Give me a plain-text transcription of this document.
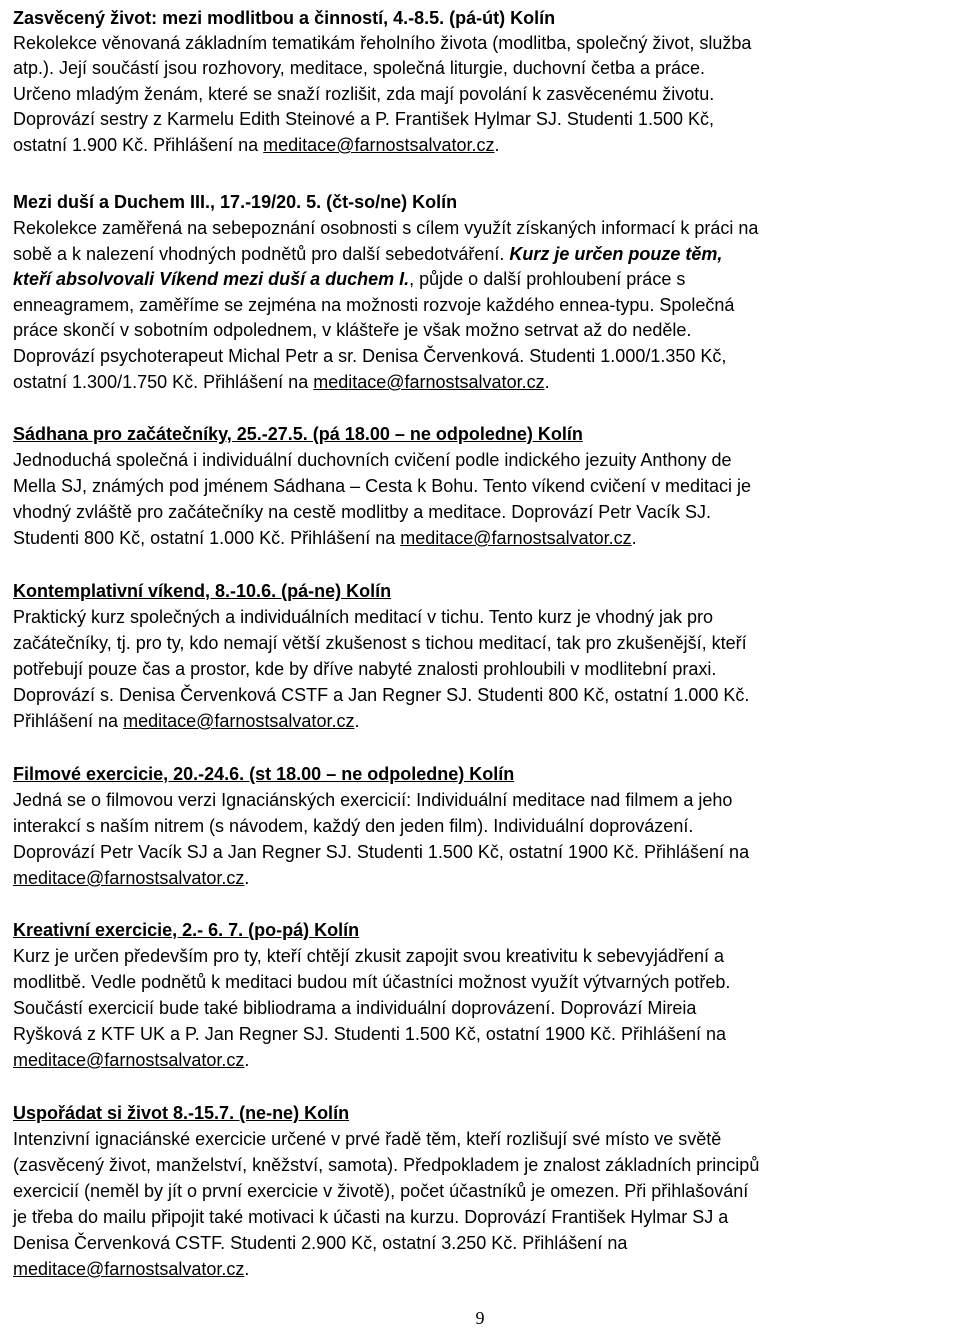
Zasvěcený život: mezi modlitbou a činností, 4.-8.5. (pá-út) Kolín
Rekolekce věnovaná základním tematikám řeholního života (modlitba, společný život, služba
atp.). Její součástí jsou rozhovory, meditace, společná liturgie, duchovní četba a práce.
Určeno mladým ženám, které se snaží rozlišit, zda mají povolání k zasvěcenému životu.
Doprovází sestry z Karmelu Edith Steinové a P. František Hylmar SJ. Studenti 1.500 Kč,
ostatní 1.900 Kč. Přihlášení na meditace@farnostsalvator.cz.
Mezi duší a Duchem III., 17.-19/20. 5. (čt-so/ne) Kolín
Rekolekce zaměřená na sebepoznání osobnosti s cílem využít získaných informací k práci na
sobě a k nalezení vhodných podnětů pro další sebedotváření. Kurz je určen pouze těm,
kteří absolvovali Víkend mezi duší a duchem I., půjde o další prohloubení práce s
enneagramem, zaměříme se zejména na možnosti rozvoje každého ennea-typu. Společná
práce skončí v sobotním odpolednem, v klášteře je však možno setrvat až do neděle.
Doprovází psychoterapeut Michal Petr a sr. Denisa Červenková. Studenti 1.000/1.350 Kč,
ostatní 1.300/1.750 Kč. Přihlášení na meditace@farnostsalvator.cz.
Sádhana pro začátečníky, 25.-27.5. (pá 18.00 – ne odpoledne) Kolín
Jednoduchá společná i individuální duchovních cvičení podle indického jezuity Anthony de
Mella SJ, známých pod jménem Sádhana – Cesta k Bohu. Tento víkend cvičení v meditaci je
vhodný zvláště pro začátečníky na cestě modlitby a meditace. Doprovází Petr Vacík SJ.
Studenti 800 Kč, ostatní 1.000 Kč. Přihlášení na meditace@farnostsalvator.cz.
Kontemplativní víkend, 8.-10.6. (pá-ne) Kolín
Praktický kurz společných a individuálních meditací v tichu. Tento kurz je vhodný jak pro
začátečníky, tj. pro ty, kdo nemají větší zkušenost s tichou meditací, tak pro zkušenější, kteří
potřebují pouze čas a prostor, kde by dříve nabyté znalosti prohloubili v modlitební praxi.
Doprovází s. Denisa Červenková CSTF a Jan Regner SJ. Studenti 800 Kč, ostatní 1.000 Kč.
Přihlášení na meditace@farnostsalvator.cz.
Filmové exercicie, 20.-24.6. (st 18.00 – ne odpoledne) Kolín
Jedná se o filmovou verzi Ignaciánských exercicií: Individuální meditace nad filmem a jeho
interakcí s naším nitrem (s návodem, každý den jeden film). Individuální doprovázení.
Doprovází Petr Vacík SJ a Jan Regner SJ. Studenti 1.500 Kč, ostatní 1900 Kč. Přihlášení na
meditace@farnostsalvator.cz.
Kreativní exercicie, 2.- 6. 7. (po-pá) Kolín
Kurz je určen především pro ty, kteří chtějí zkusit zapojit svou kreativitu k sebevyjádření a
modlitbě. Vedle podnětů k meditaci budou mít účastníci možnost využít výtvarných potřeb.
Součástí exercicií bude také bibliodrama a individuální doprovázení. Doprovází Mireia
Ryšková z KTF UK a P. Jan Regner SJ. Studenti 1.500 Kč, ostatní 1900 Kč. Přihlášení na
meditace@farnostsalvator.cz.
Uspořádat si život 8.-15.7. (ne-ne) Kolín
Intenzivní ignaciánské exercicie určené v prvé řadě těm, kteří rozlišují své místo ve světě
(zasvěcený život, manželství, kněžství, samota). Předpokladem je znalost základních principů
exercicií (neměl by jít o první exercicie v životě), počet účastníků je omezen. Při přihlašování
je třeba do mailu připojit také motivaci k účasti na kurzu. Doprovází František Hylmar SJ a
Denisa Červenková CSTF. Studenti 2.900 Kč, ostatní 3.250 Kč. Přihlášení na
meditace@farnostsalvator.cz.
9
